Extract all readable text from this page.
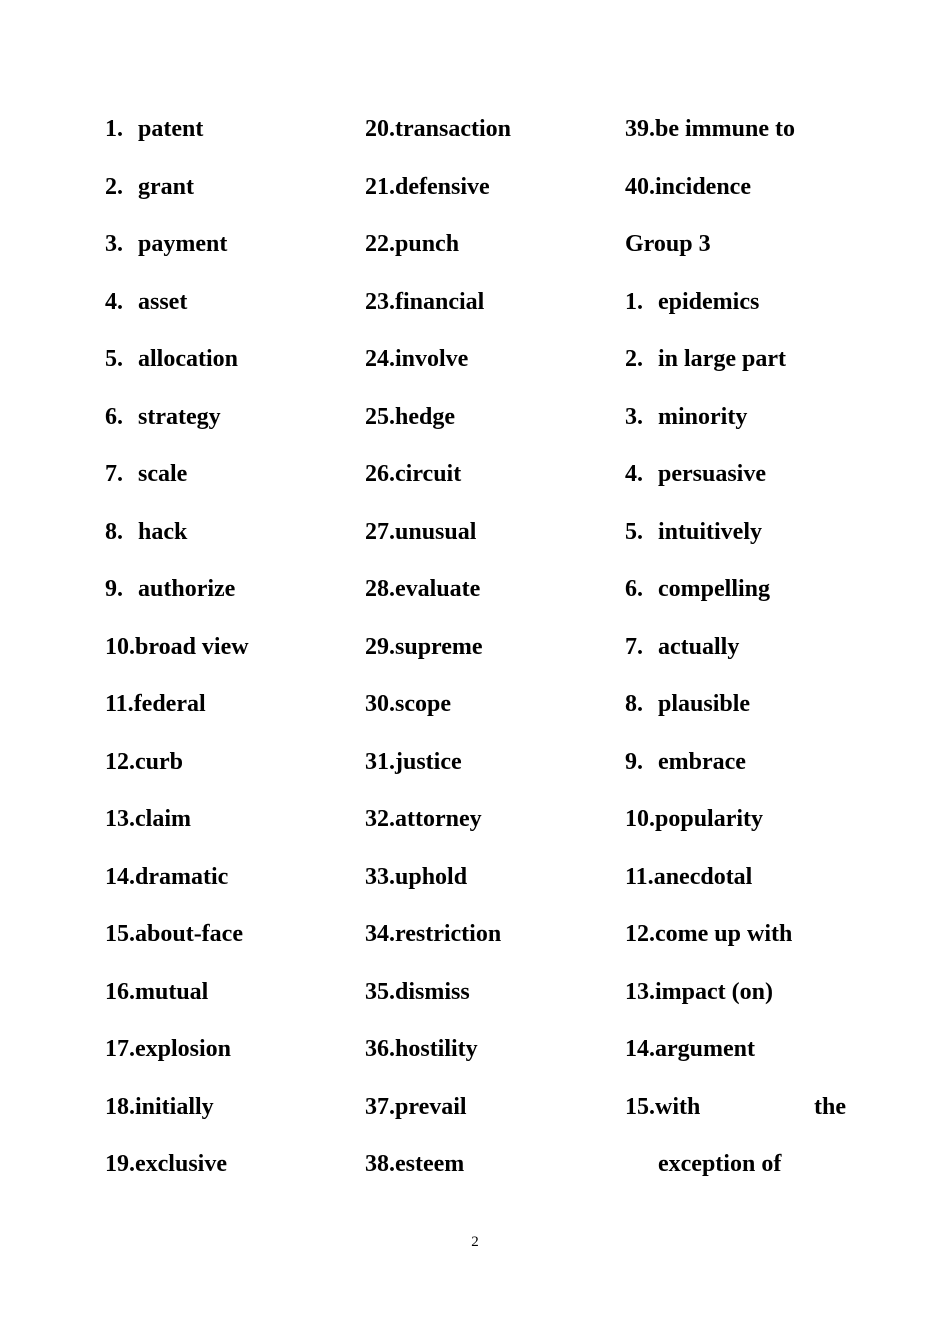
1. patent
2. grant
3. payment
4. asset
5. allocation
6. strategy
7. scale
8. hack
9. authorize
10. broad view
11. federal
12. curb
13. claim
14. dramatic
15. about-face
16. mutual
17. explosion
18. initially
19. exclusive
20. transaction
21. defensive
22. punch
23. financial
24. involve
25. hedge
26. circuit
27. unusual
28. evaluate
29. supreme
30. scope
31. justice
32. attorney
33. uphold
34. restriction
35. dismiss
36. hostility
37. prevail
38. esteem
39. be immune to
40. incidence
Group 3
1. epidemics
2. in large part
3. minority
4. persuasive
5. intuitively
6. compelling
7. actually
8. plausible
9. embrace
10. popularity
11. anecdotal
12. come up with
13. impact (on)
14. argument
15.with	the
exception of
2
